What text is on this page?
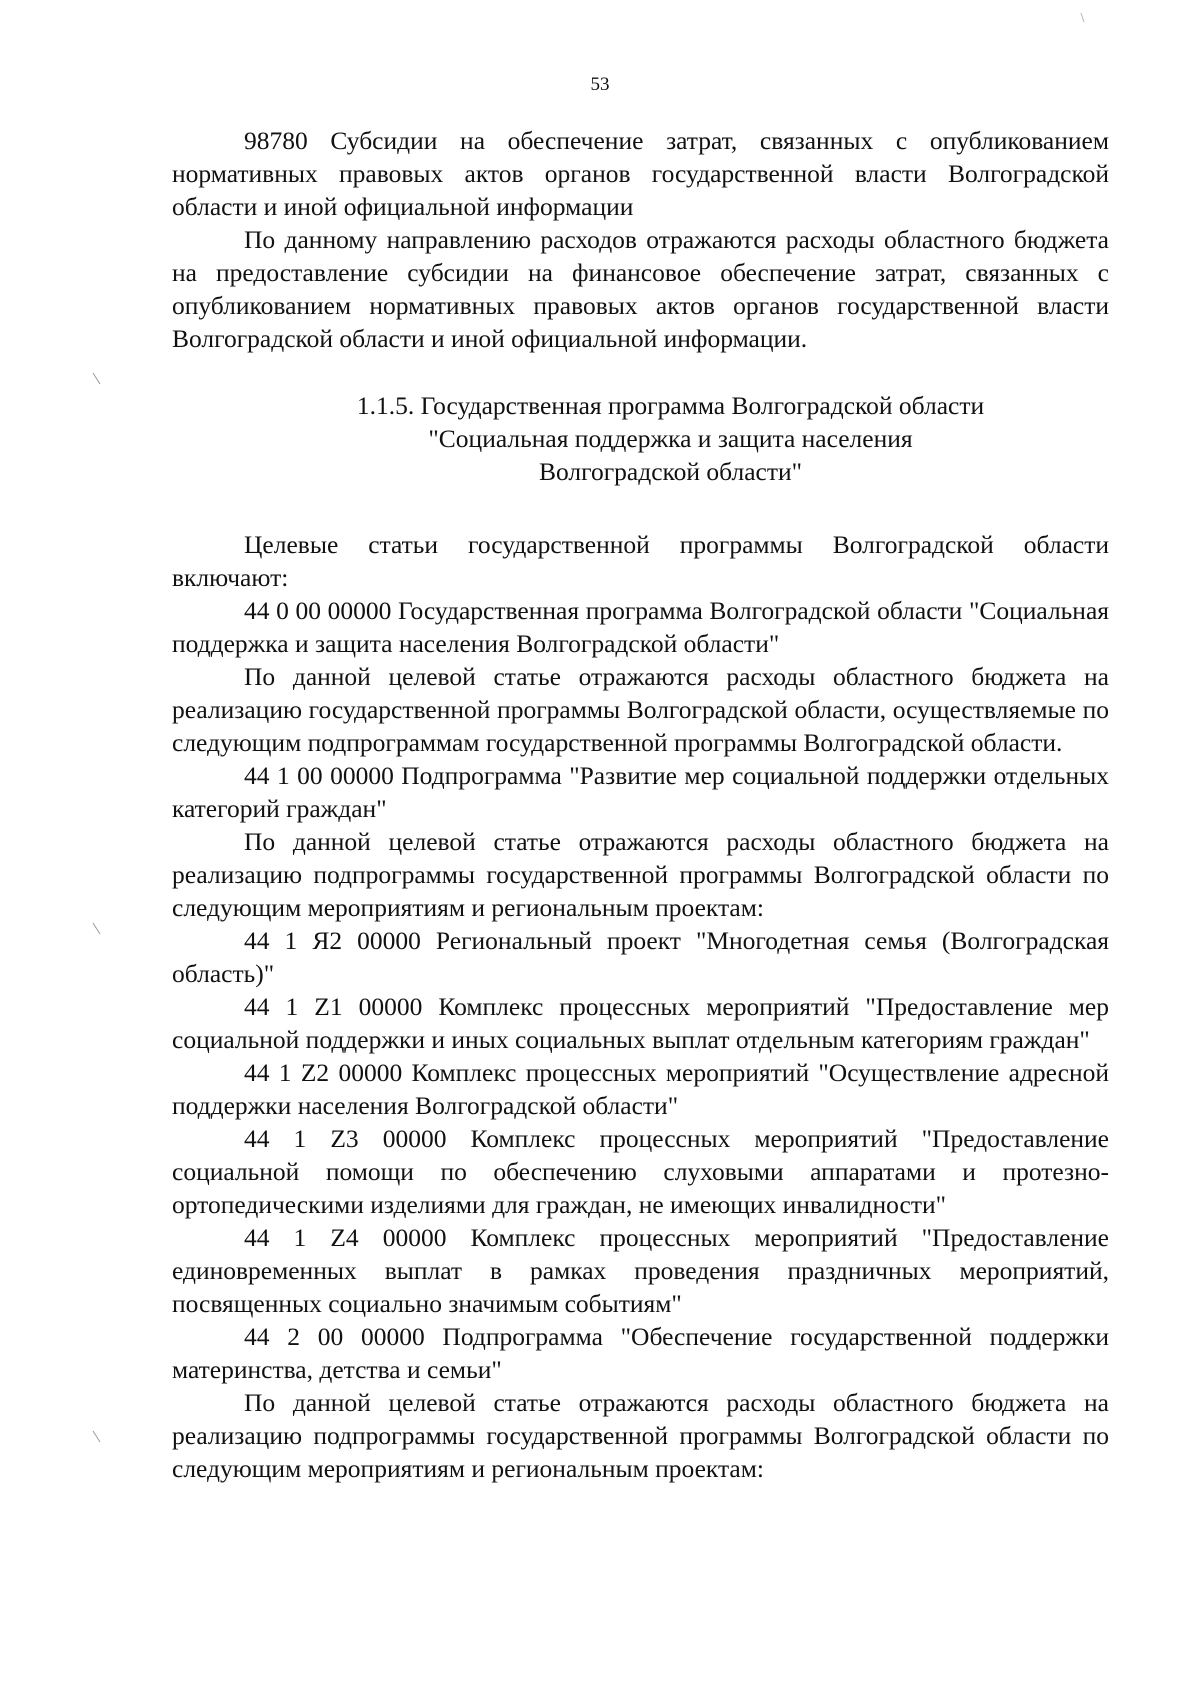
53

98780 Субсидии на обеспечение затрат, связанных с опубликованием нормативных правовых актов органов государственной власти Волгоградской области и иной официальной информации

По данному направлению расходов отражаются расходы областного бюджета на предоставление субсидии на финансовое обеспечение затрат, связанных с опубликованием нормативных правовых актов органов государственной власти Волгоградской области и иной официальной информации.

1.1.5. Государственная программа Волгоградской области
"Социальная поддержка и защита населения
Волгоградской области"

Целевые статьи государственной программы Волгоградской области включают:

44 0 00 00000 Государственная программа Волгоградской области "Социальная поддержка и защита населения Волгоградской области"

По данной целевой статье отражаются расходы областного бюджета на реализацию государственной программы Волгоградской области, осуществляемые по следующим подпрограммам государственной программы Волгоградской области.

44 1 00 00000 Подпрограмма "Развитие мер социальной поддержки отдельных категорий граждан"

По данной целевой статье отражаются расходы областного бюджета на реализацию подпрограммы государственной программы Волгоградской области по следующим мероприятиям и региональным проектам:

44 1 Я2 00000 Региональный проект "Многодетная семья (Волгоградская область)"

44 1 Z1 00000 Комплекс процессных мероприятий "Предоставление мер социальной поддержки и иных социальных выплат отдельным категориям граждан"

44 1 Z2 00000 Комплекс процессных мероприятий "Осуществление адресной поддержки населения Волгоградской области"

44 1 Z3 00000 Комплекс процессных мероприятий "Предоставление социальной помощи по обеспечению слуховыми аппаратами и протезно-ортопедическими изделиями для граждан, не имеющих инвалидности"

44 1 Z4 00000 Комплекс процессных мероприятий "Предоставление единовременных выплат в рамках проведения праздничных мероприятий, посвященных социально значимым событиям"

44 2 00 00000 Подпрограмма "Обеспечение государственной поддержки материнства, детства и семьи"

По данной целевой статье отражаются расходы областного бюджета на реализацию подпрограммы государственной программы Волгоградской области по следующим мероприятиям и региональным проектам:
